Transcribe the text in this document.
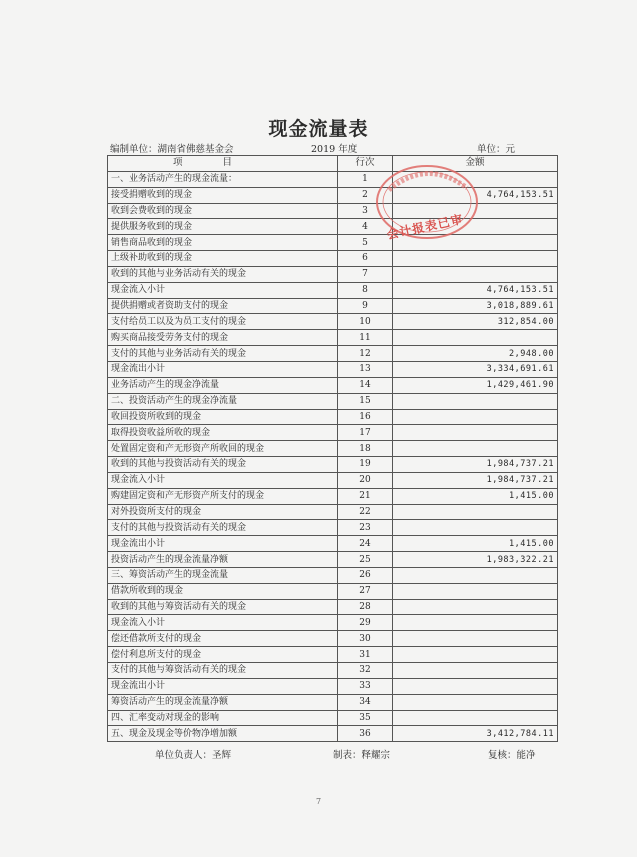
现金流量表
编制单位：湖南省佛慈基金会	2019 年度	单位：元
项目	行次	金额
一、业务活动产生的现金流量：	1	
接受捐赠收到的现金	2	4,764,153.51
收到会费收到的现金	3	
提供服务收到的现金	4	
销售商品收到的现金	5	
上级补助收到的现金	6	
收到的其他与业务活动有关的现金	7	
现金流入小计	8	4,764,153.51
提供捐赠或者资助支付的现金	9	3,018,889.61
支付给员工以及为员工支付的现金	10	312,854.00
购买商品接受劳务支付的现金	11	
支付的其他与业务活动有关的现金	12	2,948.00
现金流出小计	13	3,334,691.61
业务活动产生的现金净流量	14	1,429,461.90
二、投资活动产生的现金净流量	15	
收回投资所收到的现金	16	
取得投资收益所收的现金	17	
处置固定资和产无形资产所收回的现金	18	
收到的其他与投资活动有关的现金	19	1,984,737.21
现金流入小计	20	1,984,737.21
购建固定资和产无形资产所支付的现金	21	1,415.00
对外投资所支付的现金	22	
支付的其他与投资活动有关的现金	23	
现金流出小计	24	1,415.00
投资活动产生的现金流量净额	25	1,983,322.21
三、筹资活动产生的现金流量	26	
借款所收到的现金	27	
收到的其他与筹资活动有关的现金	28	
现金流入小计	29	
偿还借款所支付的现金	30	
偿付利息所支付的现金	31	
支付的其他与筹资活动有关的现金	32	
现金流出小计	33	
筹资活动产生的现金流量净额	34	
四、汇率变动对现金的影响	35	
五、现金及现金等价物净增加额	36	3,412,784.11
会计报表已审
单位负责人：圣辉	制表：释耀宗	复核：能净
7
